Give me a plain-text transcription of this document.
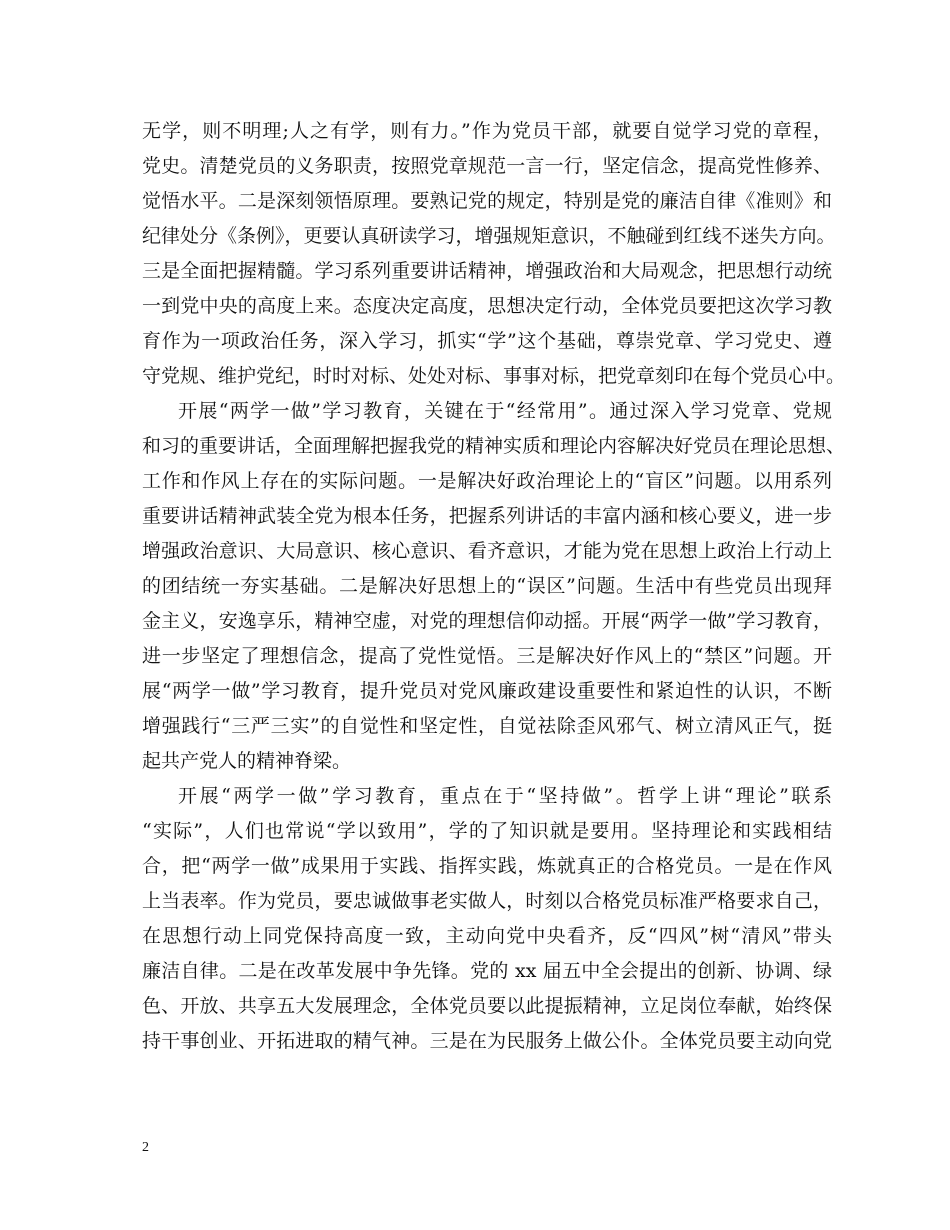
无学，则不明理;人之有学，则有力。”作为党员干部，就要自觉学习党的章程，
党史。清楚党员的义务职责，按照党章规范一言一行，坚定信念，提高党性修养、
觉悟水平。二是深刻领悟原理。要熟记党的规定，特别是党的廉洁自律《准则》和
纪律处分《条例》，更要认真研读学习，增强规矩意识，不触碰到红线不迷失方向。
三是全面把握精髓。学习系列重要讲话精神，增强政治和大局观念，把思想行动统
一到党中央的高度上来。态度决定高度，思想决定行动，全体党员要把这次学习教
育作为一项政治任务，深入学习，抓实“学”这个基础，尊崇党章、学习党史、遵
守党规、维护党纪，时时对标、处处对标、事事对标，把党章刻印在每个党员心中。
开展“两学一做”学习教育，关键在于“经常用”。通过深入学习党章、党规
和习的重要讲话，全面理解把握我党的精神实质和理论内容解决好党员在理论思想、
工作和作风上存在的实际问题。一是解决好政治理论上的“盲区”问题。以用系列
重要讲话精神武装全党为根本任务，把握系列讲话的丰富内涵和核心要义，进一步
增强政治意识、大局意识、核心意识、看齐意识，才能为党在思想上政治上行动上
的团结统一夯实基础。二是解决好思想上的“误区”问题。生活中有些党员出现拜
金主义，安逸享乐，精神空虚，对党的理想信仰动摇。开展“两学一做”学习教育，
进一步坚定了理想信念，提高了党性觉悟。三是解决好作风上的“禁区”问题。开
展“两学一做”学习教育，提升党员对党风廉政建设重要性和紧迫性的认识，不断
增强践行“三严三实”的自觉性和坚定性，自觉祛除歪风邪气、树立清风正气，挺
起共产党人的精神脊梁。
开展“两学一做”学习教育，重点在于“坚持做”。哲学上讲“理论”联系
“实际”，人们也常说“学以致用”，学的了知识就是要用。坚持理论和实践相结
合，把“两学一做”成果用于实践、指挥实践，炼就真正的合格党员。一是在作风
上当表率。作为党员，要忠诚做事老实做人，时刻以合格党员标准严格要求自己，
在思想行动上同党保持高度一致，主动向党中央看齐，反“四风”树“清风”带头
廉洁自律。二是在改革发展中争先锋。党的 xx 届五中全会提出的创新、协调、绿
色、开放、共享五大发展理念，全体党员要以此提振精神，立足岗位奉献，始终保
持干事创业、开拓进取的精气神。三是在为民服务上做公仆。全体党员要主动向党
2
